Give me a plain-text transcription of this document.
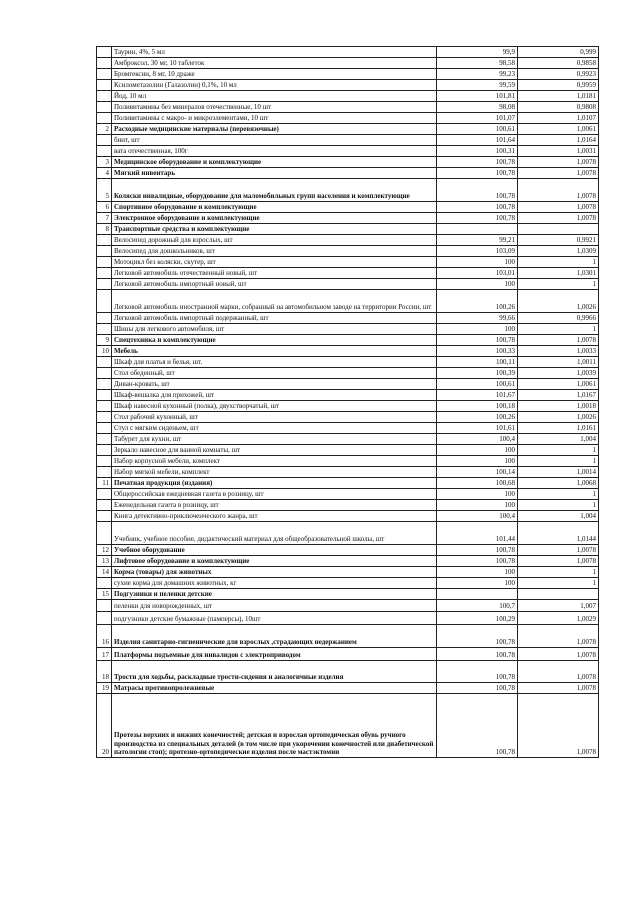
	Таурин, 4%, 5 мл	99,9	0,999
	Амброксол, 30 мг, 10 таблеток	98,58	0,9858
	Бромгексин, 8 мг, 10 драже	99,23	0,9923
	Ксилометазолин (Галазолин) 0,1%, 10 мл	99,59	0,9959
	Йод, 10 мл	101,81	1,0181
	Поливитамины без минералов отечественные, 10 шт	98,08	0,9808
	Поливитамины с макро- и микроэлементами, 10 шт	101,07	1,0107
2	Расходные медицинские материалы (перевязочные)	100,61	1,0061
	бинт, шт	101,64	1,0164
	вата отечественная, 100г	100,31	1,0031
3	Медицинское оборудование и комплектующие	100,78	1,0078
4	Мягкий инвентарь	100,78	1,0078
5	Коляски инвалидные, оборудование для маломобильных групп населения и комплектующие	100,78	1,0078
6	Спортивное оборудование и комплектующие	100,78	1,0078
7	Электронное оборудование и комплектующие	100,78	1,0078
8	Транспортные средства и комплектующие		
	Велосипед дорожный для взрослых, шт	99,21	0,9921
	Велосипед для дошкольников, шт	103,09	1,0309
	Мотоцикл без коляски, скутер, шт	100	1
	Легковой автомобиль отечественный новый, шт	103,01	1,0301
	Легковой автомобиль импортный новый, шт	100	1
	Легковой автомобиль иностранной марки, собранный на автомобильном заводе на территории России, шт	100,26	1,0026
	Легковой автомобиль импортный подержанный, шт	99,66	0,9966
	Шины для легкового автомобиля, шт	100	1
9	Спецтехника и комплектующие	100,78	1,0078
10	Мебель	100,33	1,0033
	Шкаф для платья и белья, шт.	100,11	1,0011
	Стол обеденный, шт	100,39	1,0039
	Диван-кровать, шт	100,61	1,0061
	Шкаф-вешалка для прихожей, шт	101,67	1,0167
	Шкаф навесной кухонный (полка), двухстворчатый, шт	100,18	1,0018
	Стол рабочий кухонный, шт	100,26	1,0026
	Стул с мягким сиденьем, шт	101,61	1,0161
	Табурет для кухни, шт	100,4	1,004
	Зеркало навесное для ванной комнаты, шт	100	1
	Набор корпусной мебели, комплект	100	1
	Набор мягкой мебели, комплект	100,14	1,0014
11	Печатная продукция (издания)	100,68	1,0068
	Общероссийская ежедневная газета в розницу, шт	100	1
	Еженедельная газета в розницу, шт	100	1
	Книга детективно-приключенческого жанра, шт	100,4	1,004
	Учебник, учебное пособие, дидактический материал для общеобразовательной школы, шт	101,44	1,0144
12	Учебное оборудование	100,78	1,0078
13	Лифтовое оборудование и комплектующие	100,78	1,0078
14	Корма (товары) для животных	100	1
	сухие корма для домашних животных, кг	100	1
15	Подгузники и пеленки детские		
	пеленки для новорожденных, шт	100,7	1,007
	подгузники детские бумажные (памперсы), 10шт	100,29	1,0029
16	Изделия санитарно-гигиенические для взрослых ,страдающих недержанием	100,78	1,0078
17	Платформы подъемные для инвалидов с электроприводом	100,78	1,0078
18	Трости для ходьбы, раскладные трости-сидения и аналогичные изделия	100,78	1,0078
19	Матрасы противопролежневые	100,78	1,0078
20	Протезы верхних и нижних конечностей; детская и взрослая ортопедическая обувь ручного производства из специальных деталей (в том числе при укорочении конечностей или диабетической патологии стоп); протезно-ортопедические изделия после мастэктомии	100,78	1,0078
